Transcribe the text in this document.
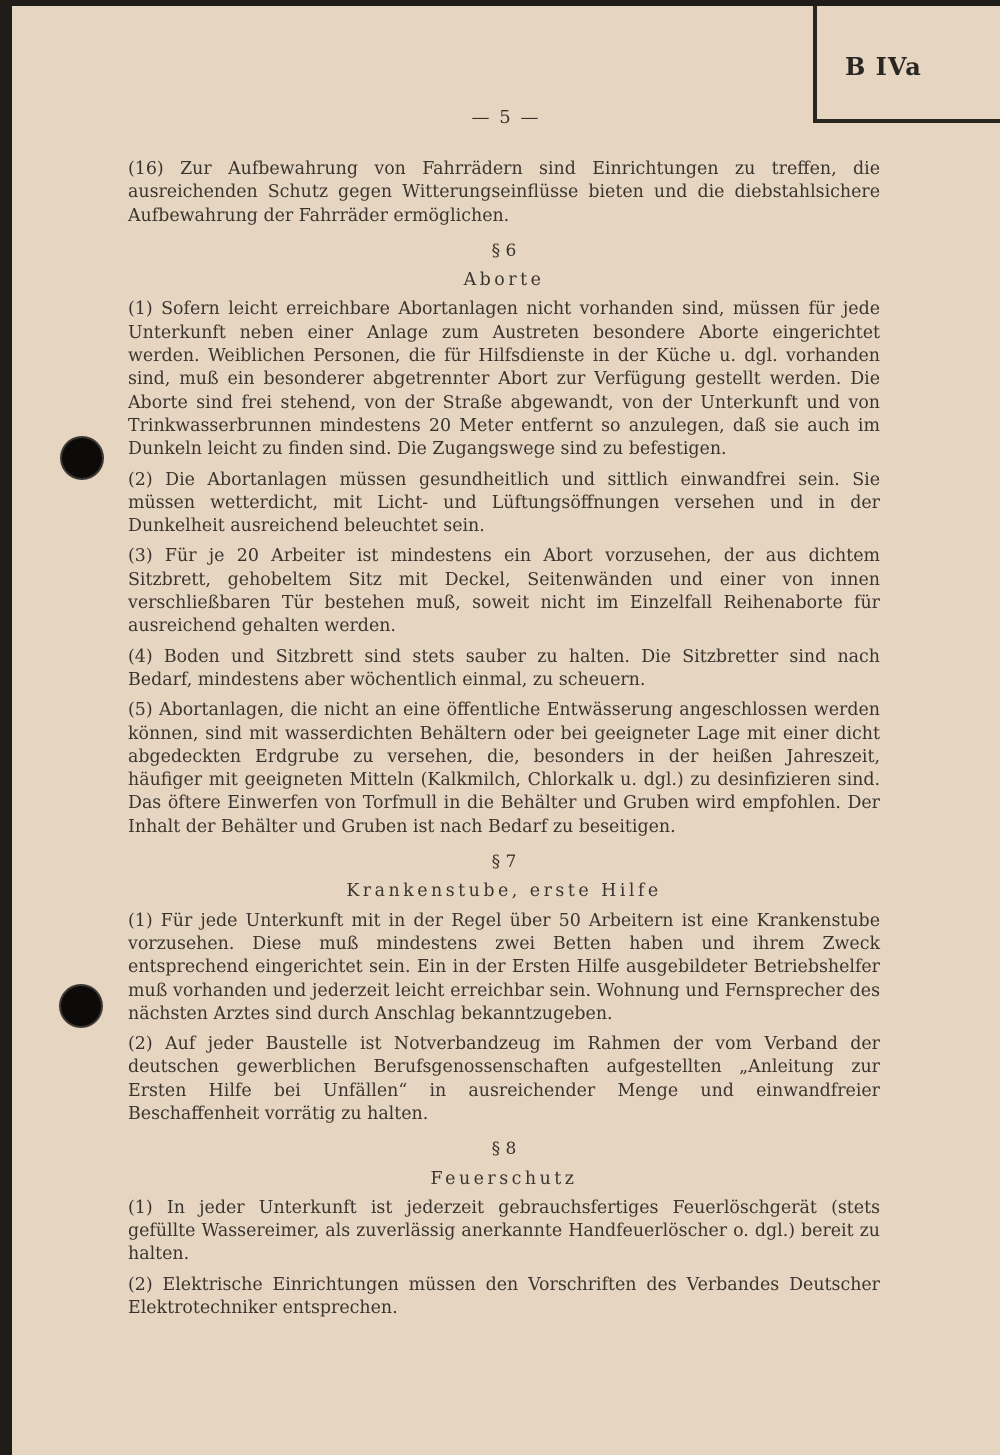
B IVa
— 5 —

(16) Zur Aufbewahrung von Fahrrädern sind Einrichtungen zu treffen, die ausreichenden Schutz gegen Witterungseinflüsse bieten und die diebstahlsichere Aufbewahrung der Fahrräder ermöglichen.

§ 6
Aborte

(1) Sofern leicht erreichbare Abortanlagen nicht vorhanden sind, müssen für jede Unterkunft neben einer Anlage zum Austreten besondere Aborte eingerichtet werden. Weiblichen Personen, die für Hilfsdienste in der Küche u. dgl. vorhanden sind, muß ein besonderer abgetrennter Abort zur Verfügung gestellt werden. Die Aborte sind frei stehend, von der Straße abgewandt, von der Unterkunft und von Trinkwasserbrunnen mindestens 20 Meter entfernt so anzulegen, daß sie auch im Dunkeln leicht zu finden sind. Die Zugangswege sind zu befestigen.

(2) Die Abortanlagen müssen gesundheitlich und sittlich einwandfrei sein. Sie müssen wetterdicht, mit Licht- und Lüftungsöffnungen versehen und in der Dunkelheit ausreichend beleuchtet sein.

(3) Für je 20 Arbeiter ist mindestens ein Abort vorzusehen, der aus dichtem Sitzbrett, gehobeltem Sitz mit Deckel, Seitenwänden und einer von innen verschließbaren Tür bestehen muß, soweit nicht im Einzelfall Reihenaborte für ausreichend gehalten werden.

(4) Boden und Sitzbrett sind stets sauber zu halten. Die Sitzbretter sind nach Bedarf, mindestens aber wöchentlich einmal, zu scheuern.

(5) Abortanlagen, die nicht an eine öffentliche Entwässerung angeschlossen werden können, sind mit wasserdichten Behältern oder bei geeigneter Lage mit einer dicht abgedeckten Erdgrube zu versehen, die, besonders in der heißen Jahreszeit, häufiger mit geeigneten Mitteln (Kalkmilch, Chlorkalk u. dgl.) zu desinfizieren sind. Das öftere Einwerfen von Torfmull in die Behälter und Gruben wird empfohlen. Der Inhalt der Behälter und Gruben ist nach Bedarf zu beseitigen.

§ 7
Krankenstube, erste Hilfe

(1) Für jede Unterkunft mit in der Regel über 50 Arbeitern ist eine Krankenstube vorzusehen. Diese muß mindestens zwei Betten haben und ihrem Zweck entsprechend eingerichtet sein. Ein in der Ersten Hilfe ausgebildeter Betriebshelfer muß vorhanden und jederzeit leicht erreichbar sein. Wohnung und Fernsprecher des nächsten Arztes sind durch Anschlag bekanntzugeben.

(2) Auf jeder Baustelle ist Notverbandzeug im Rahmen der vom Verband der deutschen gewerblichen Berufsgenossenschaften aufgestellten „Anleitung zur Ersten Hilfe bei Unfällen“ in ausreichender Menge und einwandfreier Beschaffenheit vorrätig zu halten.

§ 8
Feuerschutz

(1) In jeder Unterkunft ist jederzeit gebrauchsfertiges Feuerlöschgerät (stets gefüllte Wassereimer, als zuverlässig anerkannte Handfeuerlöscher o. dgl.) bereit zu halten.

(2) Elektrische Einrichtungen müssen den Vorschriften des Verbandes Deutscher Elektrotechniker entsprechen.
